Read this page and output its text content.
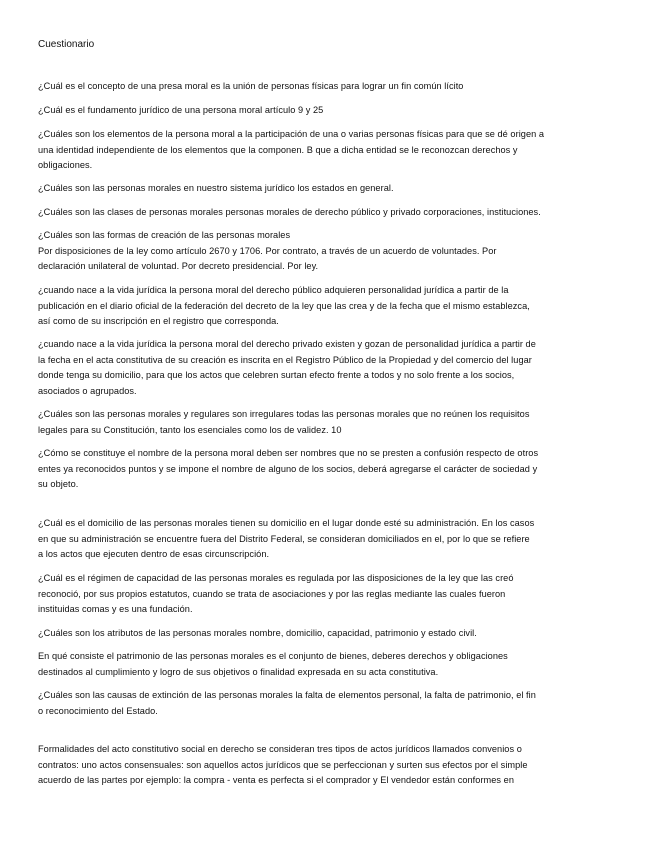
Cuestionario
¿Cuál es el concepto de una presa moral es la unión de personas físicas para lograr un fin común lícito
¿Cuál es el fundamento jurídico de una persona moral artículo 9 y 25
¿Cuáles son los elementos de la persona moral a la participación de una o varias personas físicas para que se dé origen a
una identidad independiente de los elementos que la componen. B que a dicha entidad se le reconozcan derechos y
obligaciones.
¿Cuáles son las personas morales en nuestro sistema jurídico los estados en general.
¿Cuáles son las clases de personas morales personas morales de derecho público y privado corporaciones, instituciones.
¿Cuáles son las formas de creación de las personas morales
Por disposiciones de la ley como artículo 2670 y 1706. Por contrato, a través de un acuerdo de voluntades. Por
declaración unilateral de voluntad. Por decreto presidencial. Por ley.
¿cuando nace a la vida jurídica la persona moral del derecho público adquieren personalidad jurídica a partir de la
publicación en el diario oficial de la federación del decreto de la ley que las crea y de la fecha que el mismo establezca,
así como de su inscripción en el registro que corresponda.
¿cuando nace a la vida jurídica la persona moral del derecho privado existen y gozan de personalidad jurídica a partir de
la fecha en el acta constitutiva de su creación es inscrita en el Registro Público de la Propiedad y del comercio del lugar
donde tenga su domicilio, para que los actos que celebren surtan efecto frente a todos y no solo frente a los socios,
asociados o agrupados.
¿Cuáles son las personas morales y regulares son irregulares todas las personas morales que no reúnen los requisitos
legales para su Constitución, tanto los esenciales como los de validez. 10
¿Cómo se constituye el nombre de la persona moral deben ser nombres que no se presten a confusión respecto de otros
entes ya reconocidos puntos y se impone el nombre de alguno de los socios, deberá agregarse el carácter de sociedad y
su objeto.
¿Cuál es el domicilio de las personas morales tienen su domicilio en el lugar donde esté su administración. En los casos
en que su administración se encuentre fuera del Distrito Federal, se consideran domiciliados en el, por lo que se refiere
a los actos que ejecuten dentro de esas circunscripción.
¿Cuál es el régimen de capacidad de las personas morales es regulada por las disposiciones de la ley que las creó
reconoció, por sus propios estatutos, cuando se trata de asociaciones y por las reglas mediante las cuales fueron
instituidas comas y es una fundación.
¿Cuáles son los atributos de las personas morales nombre, domicilio, capacidad, patrimonio y estado civil.
En qué consiste el patrimonio de las personas morales es el conjunto de bienes, deberes derechos y obligaciones
destinados al cumplimiento y logro de sus objetivos o finalidad expresada en su acta constitutiva.
¿Cuáles son las causas de extinción de las personas morales la falta de elementos personal, la falta de patrimonio, el fin
o reconocimiento del Estado.
Formalidades del acto constitutivo social en derecho se consideran tres tipos de actos jurídicos llamados convenios o
contratos: uno actos consensuales: son aquellos actos jurídicos que se perfeccionan y surten sus efectos por el simple
acuerdo de las partes por ejemplo: la compra - venta es perfecta si el comprador y El vendedor están conformes en
